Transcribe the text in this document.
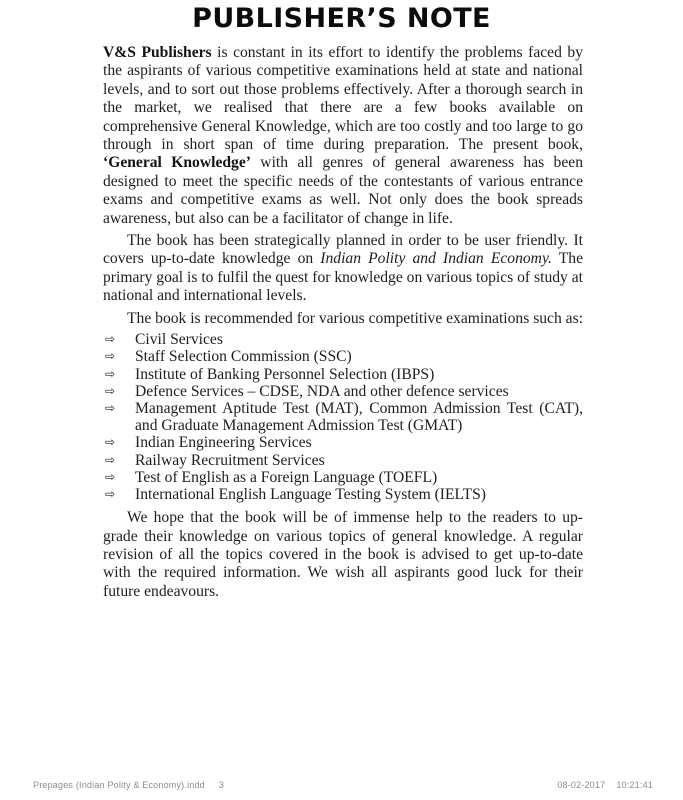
PUBLISHER’S NOTE

V&S Publishers is constant in its effort to identify the problems faced by the aspirants of various competitive examinations held at state and national levels, and to sort out those problems effectively. After a thorough search in the market, we realised that there are a few books available on comprehensive General Knowledge, which are too costly and too large to go through in short span of time during preparation. The present book, ‘General Knowledge’ with all genres of general awareness has been designed to meet the specific needs of the contestants of various entrance exams and competitive exams as well. Not only does the book spreads awareness, but also can be a facilitator of change in life.

The book has been strategically planned in order to be user friendly. It covers up-to-date knowledge on Indian Polity and Indian Economy. The primary goal is to fulfil the quest for knowledge on various topics of study at national and international levels.

The book is recommended for various competitive examinations such as:

⇨	Civil Services
⇨	Staff Selection Commission (SSC)
⇨	Institute of Banking Personnel Selection (IBPS)
⇨	Defence Services – CDSE, NDA and other defence services
⇨	Management Aptitude Test (MAT), Common Admission Test (CAT), and Graduate Management Admission Test (GMAT)
⇨	Indian Engineering Services
⇨	Railway Recruitment Services
⇨	Test of English as a Foreign Language (TOEFL)
⇨	International English Language Testing System (IELTS)

We hope that the book will be of immense help to the readers to up-grade their knowledge on various topics of general knowledge. A regular revision of all the topics covered in the book is advised to get up-to-date with the required information. We wish all aspirants good luck for their future endeavours.

Prepages (Indian Polity & Economy).indd 3	08-02-2017 10:21:41
